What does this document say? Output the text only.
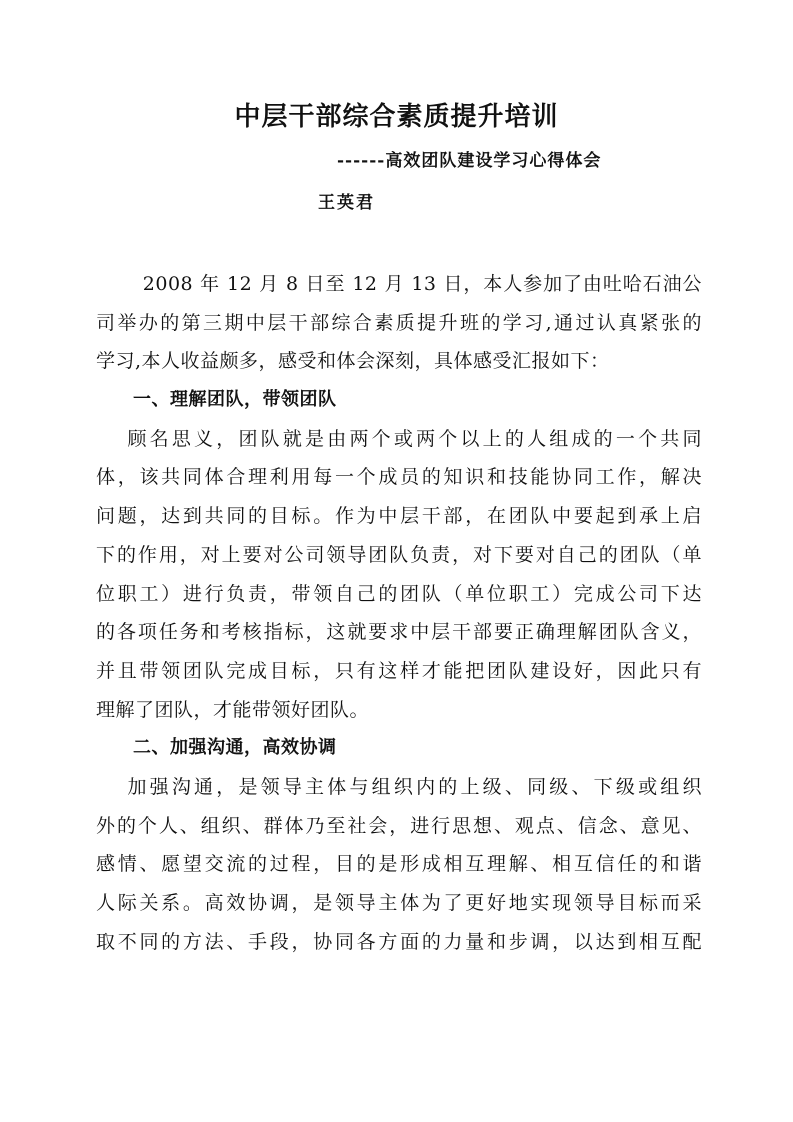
中层干部综合素质提升培训

------高效团队建设学习心得体会

王英君

　　 2008 年 12 月 8 日至 12 月 13 日，本人参加了由吐哈石油公
司举办的第三期中层干部综合素质提升班的学习,通过认真紧张的
学习,本人收益颇多，感受和体会深刻，具体感受汇报如下：
　　一、理解团队，带领团队
　 顾名思义，团队就是由两个或两个以上的人组成的一个共同
体，该共同体合理利用每一个成员的知识和技能协同工作，解决
问题，达到共同的目标。作为中层干部，在团队中要起到承上启
下的作用，对上要对公司领导团队负责，对下要对自己的团队（单
位职工）进行负责，带领自己的团队（单位职工）完成公司下达
的各项任务和考核指标，这就要求中层干部要正确理解团队含义，
并且带领团队完成目标，只有这样才能把团队建设好，因此只有
理解了团队，才能带领好团队。
　　二、加强沟通，高效协调
　 加强沟通，是领导主体与组织内的上级、同级、下级或组织
外的个人、组织、群体乃至社会，进行思想、观点、信念、意见、
感情、愿望交流的过程，目的是形成相互理解、相互信任的和谐
人际关系。高效协调，是领导主体为了更好地实现领导目标而采
取不同的方法、手段，协同各方面的力量和步调，以达到相互配
